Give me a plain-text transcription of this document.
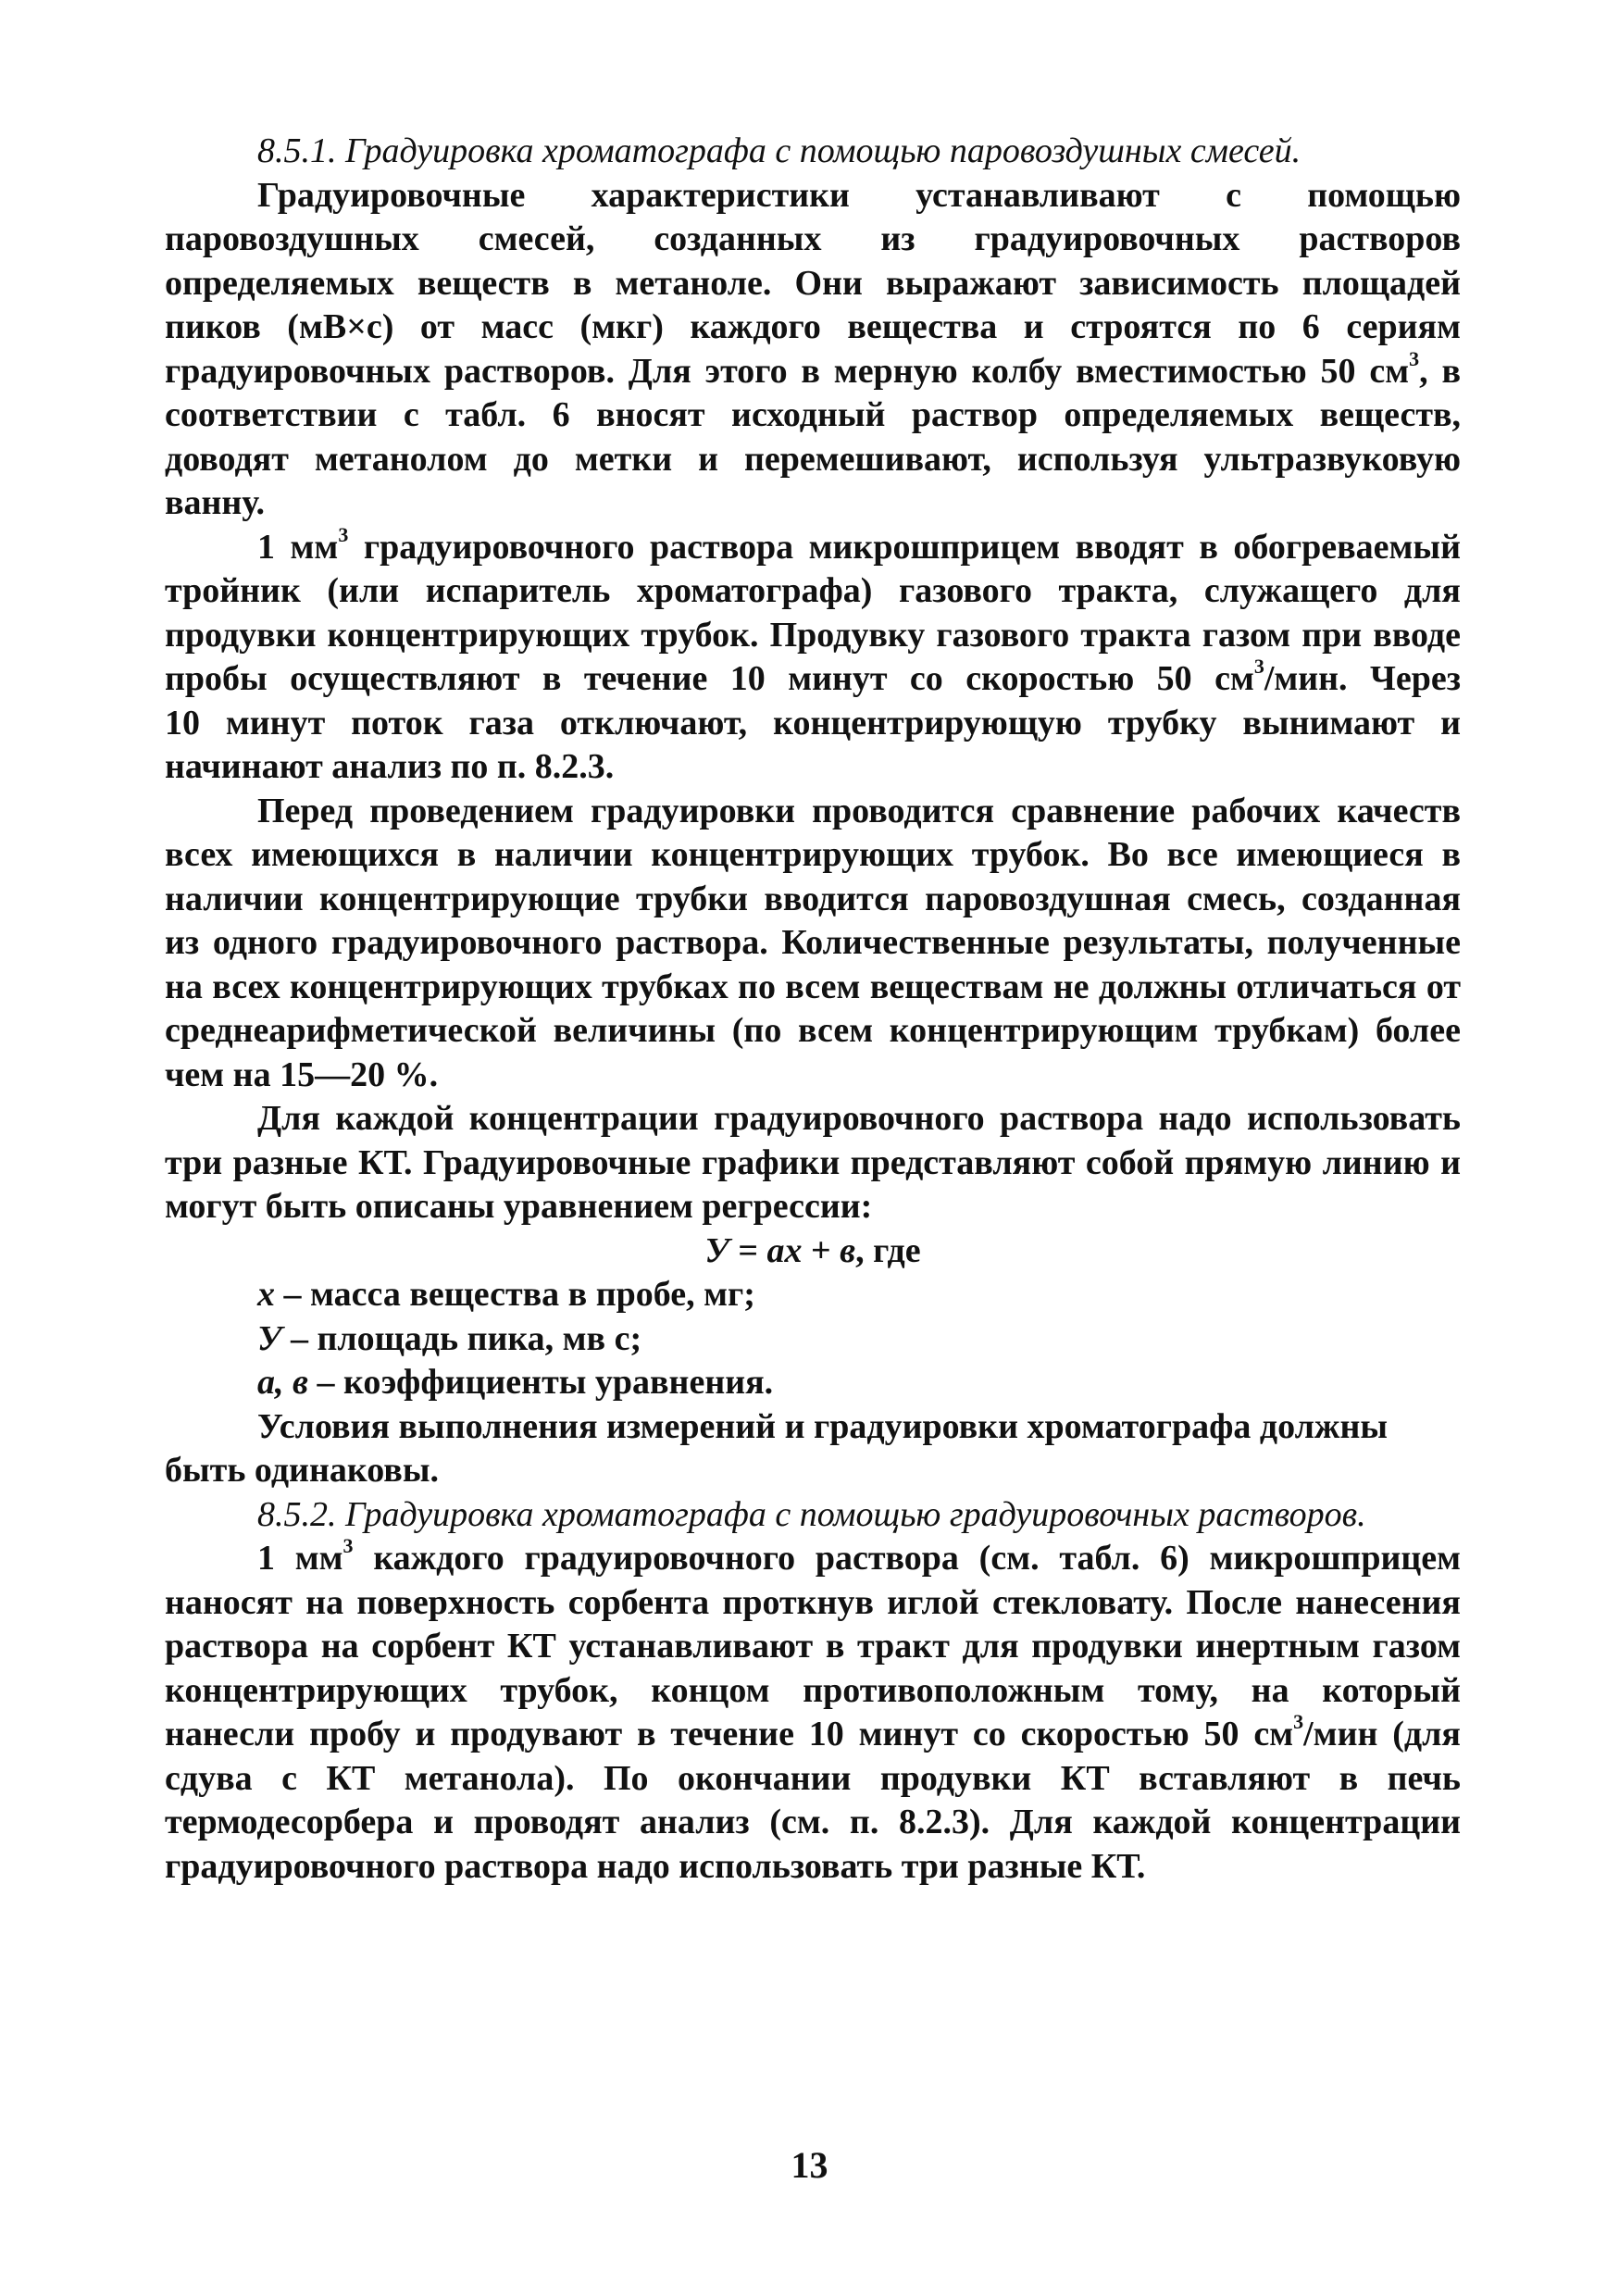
8.5.1. Градуировка хроматографа с помощью паровоздушных смесей.
Градуировочные характеристики устанавливают с помощью
паровоздушных смесей, созданных из градуировочных растворов
определяемых веществ в метаноле. Они выражают зависимость площадей
пиков (мВ×с) от масс (мкг) каждого вещества и строятся по 6 сериям
градуировочных растворов. Для этого в мерную колбу вместимостью 50 $см^3$, в
соответствии с табл. 6 вносят исходный раствор определяемых веществ,
доводят метанолом до метки и перемешивают, используя ультразвуковую
ванну.
1 $мм^3$ градуировочного раствора микрошприцем вводят в обогреваемый
тройник (или испаритель хроматографа) газового тракта, служащего для
продувки концентрирующих трубок. Продувку газового тракта газом при вводе
пробы осуществляют в течение 10 минут со скоростью 50 $см^3$/мин. Через
10 минут поток газа отключают, концентрирующую трубку вынимают и
начинают анализ по п. 8.2.3.
Перед проведением градуировки проводится сравнение рабочих качеств
всех имеющихся в наличии концентрирующих трубок. Во все имеющиеся в
наличии концентрирующие трубки вводится паровоздушная смесь, созданная
из одного градуировочного раствора. Количественные результаты, полученные
на всех концентрирующих трубках по всем веществам не должны отличаться от
среднеарифметической величины (по всем концентрирующим трубкам) более
чем на 15—20 %.
Для каждой концентрации градуировочного раствора надо использовать
три разные КТ. Градуировочные графики представляют собой прямую линию и
могут быть описаны уравнением регрессии:
У = ах + в, где
х – масса вещества в пробе, мг;
У – площадь пика, мв с;
а, в – коэффициенты уравнения.
Условия выполнения измерений и градуировки хроматографа должны
быть одинаковы.
8.5.2. Градуировка хроматографа с помощью градуировочных растворов.
1 $мм^3$ каждого градуировочного раствора (см. табл. 6) микрошприцем
наносят на поверхность сорбента проткнув иглой стекловату. После нанесения
раствора на сорбент КТ устанавливают в тракт для продувки инертным газом
концентрирующих трубок, концом противоположным тому, на который
нанесли пробу и продувают в течение 10 минут со скоростью 50 $см^3$/мин (для
сдува с КТ метанола). По окончании продувки КТ вставляют в печь
термодесорбера и проводят анализ (см. п. 8.2.3). Для каждой концентрации
градуировочного раствора надо использовать три разные КТ.
13
